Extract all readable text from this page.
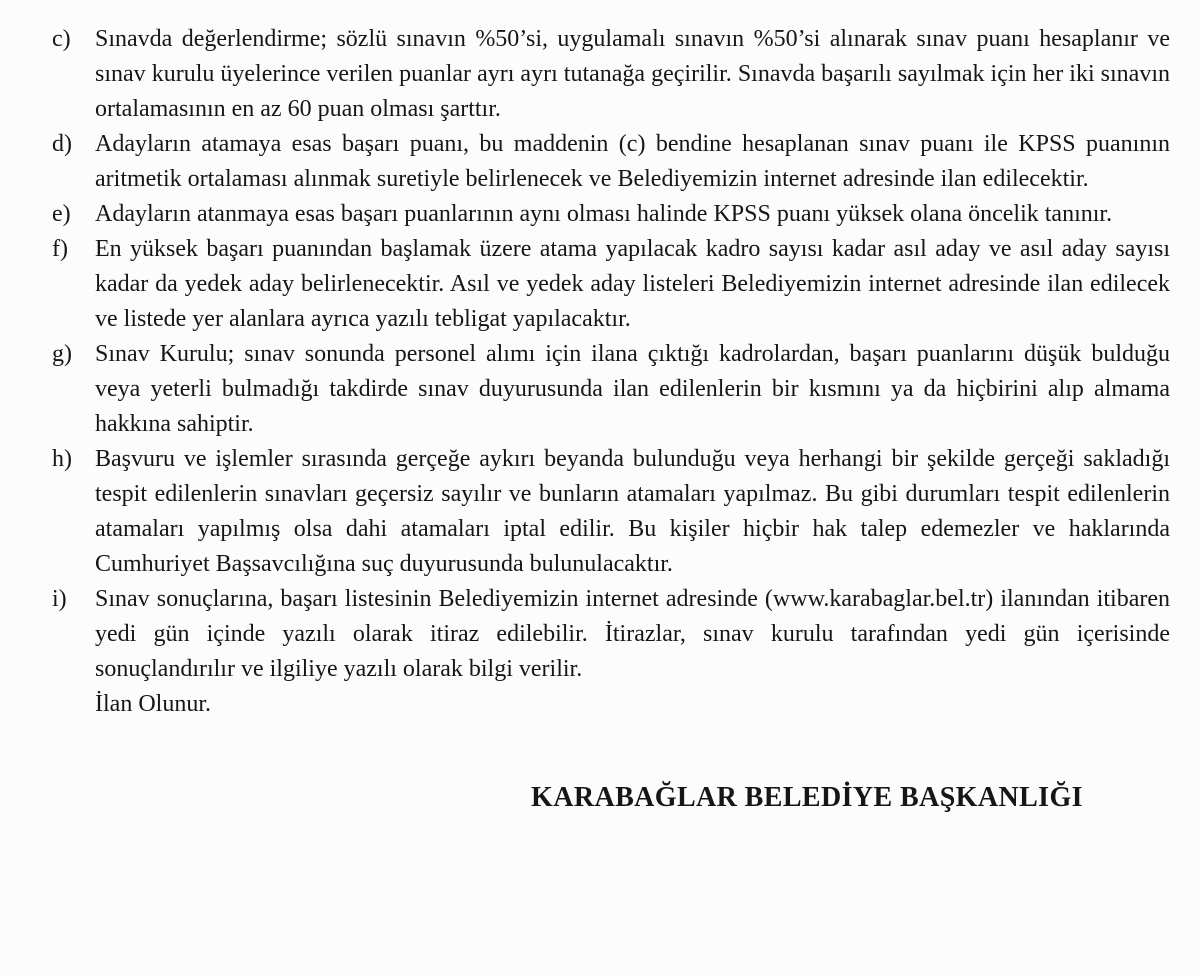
c)	Sınavda değerlendirme; sözlü sınavın %50’si, uygulamalı sınavın %50’si alınarak sınav puanı hesaplanır ve sınav kurulu üyelerince verilen puanlar ayrı ayrı tutanağa geçirilir. Sınavda başarılı sayılmak için her iki sınavın ortalamasının en az 60 puan olması şarttır.
d) Adayların atamaya esas başarı puanı, bu maddenin (c) bendine hesaplanan sınav puanı ile KPSS puanının aritmetik ortalaması alınmak suretiyle belirlenecek ve Belediyemizin internet adresinde ilan edilecektir.
e)	Adayların atanmaya esas başarı puanlarının aynı olması halinde KPSS puanı yüksek olana öncelik tanınır.
f)	En yüksek başarı puanından başlamak üzere atama yapılacak kadro sayısı kadar asıl aday ve asıl aday sayısı kadar da yedek aday belirlenecektir. Asıl ve yedek aday listeleri Belediyemizin internet adresinde ilan edilecek ve listede yer alanlara ayrıca yazılı tebligat yapılacaktır.
g) Sınav Kurulu; sınav sonunda personel alımı için ilana çıktığı kadrolardan, başarı puanlarını düşük bulduğu veya yeterli bulmadığı takdirde sınav duyurusunda ilan edilenlerin bir kısmını ya da hiçbirini alıp almama hakkına sahiptir.
h) Başvuru ve işlemler sırasında gerçeğe aykırı beyanda bulunduğu veya herhangi bir şekilde gerçeği sakladığı tespit edilenlerin sınavları geçersiz sayılır ve bunların atamaları yapılmaz. Bu gibi durumları tespit edilenlerin atamaları yapılmış olsa dahi atamaları iptal edilir. Bu kişiler hiçbir hak talep edemezler ve haklarında Cumhuriyet Başsavcılığına suç duyurusunda bulunulacaktır.
i)	Sınav sonuçlarına, başarı listesinin Belediyemizin internet adresinde (www.karabaglar.bel.tr) ilanından itibaren yedi gün içinde yazılı olarak itiraz edilebilir. İtirazlar, sınav kurulu tarafından yedi gün içerisinde sonuçlandırılır ve ilgiliye yazılı olarak bilgi verilir.
İlan Olunur.
KARABAĞLAR BELEDİYE BAŞKANLIĞI
